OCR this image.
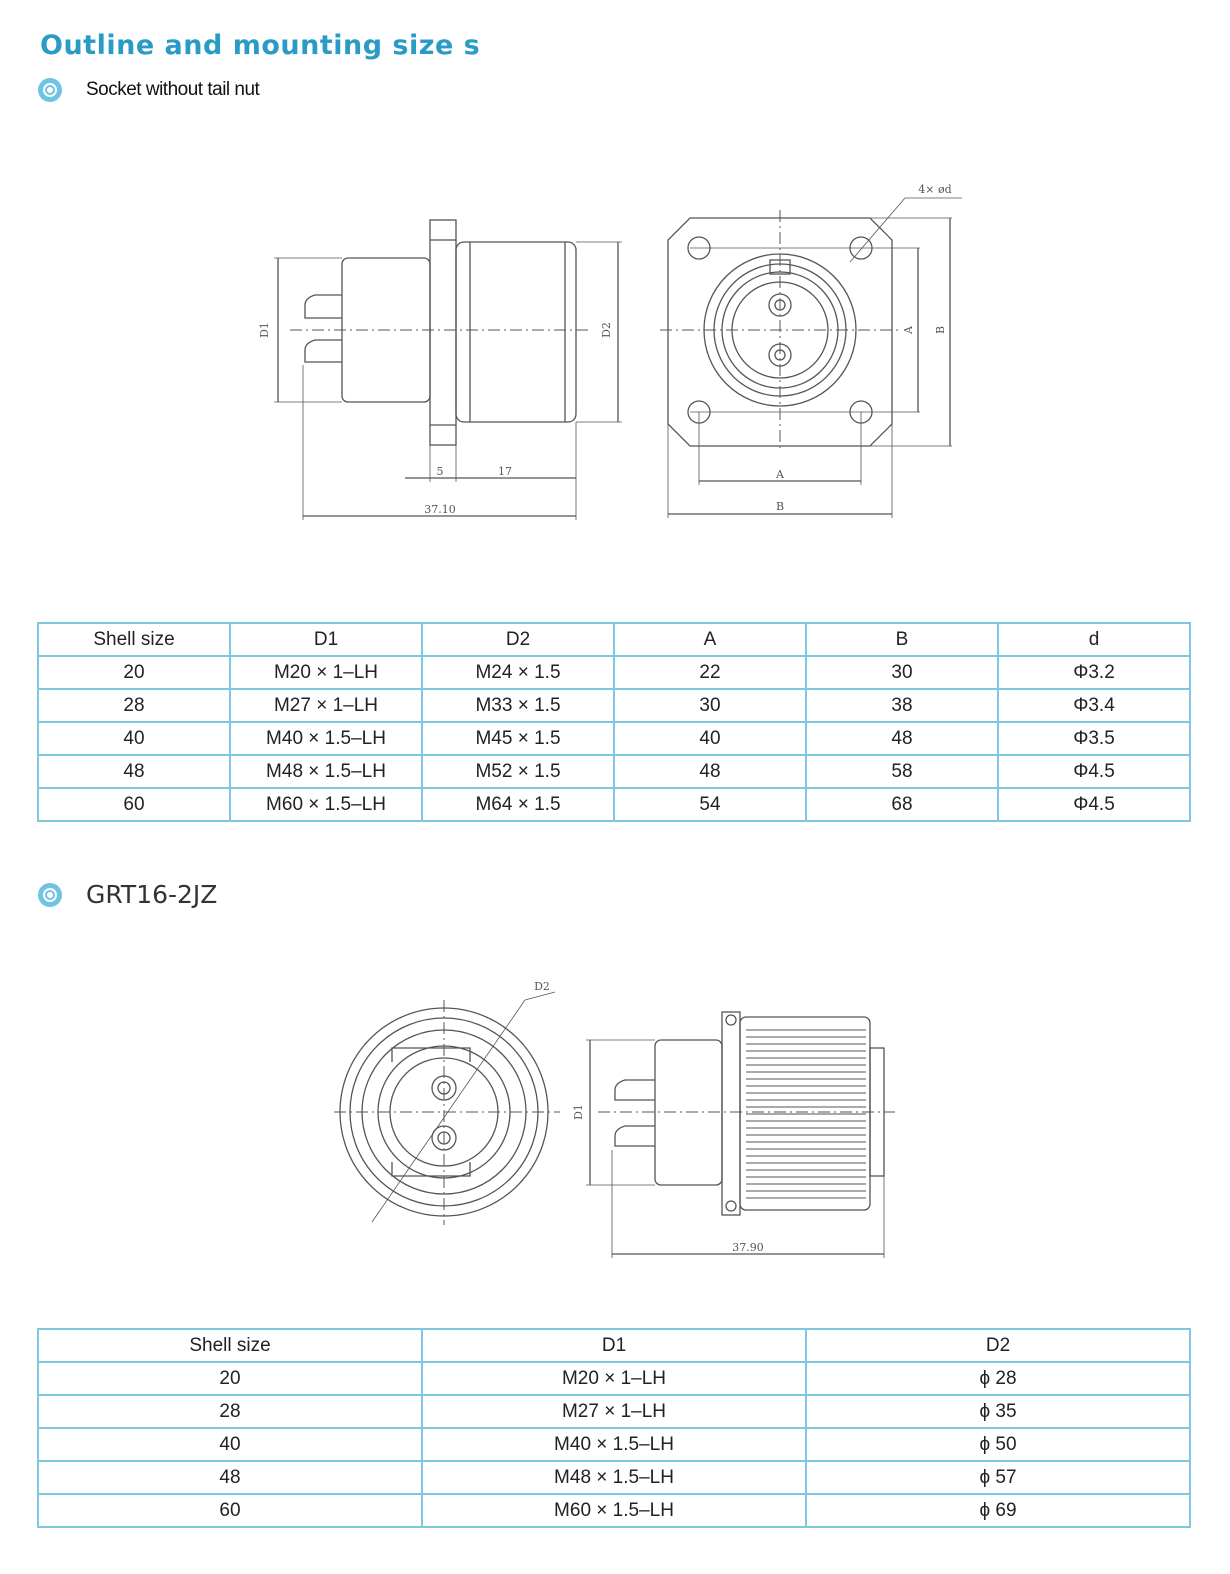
Outline and mounting size s
Socket without tail nut
D1	D2
5	17
37.10
4× ød
A
B
A B
D2
D1
37.90
Shell size	D1	D2	A	B	d
20	M20 × 1–LH	M24 × 1.5	22	30	Φ3.2
28	M27 × 1–LH	M33 × 1.5	30	38	Φ3.4
40	M40 × 1.5–LH	M45 × 1.5	40	48	Φ3.5
48	M48 × 1.5–LH	M52 × 1.5	48	58	Φ4.5
60	M60 × 1.5–LH	M64 × 1.5	54	68	Φ4.5
GRT16-2JZ
Shell size	D1	D2
20	M20 × 1–LH	ϕ 28
28	M27 × 1–LH	ϕ 35
40	M40 × 1.5–LH	ϕ 50
48	M48 × 1.5–LH	ϕ 57
60	M60 × 1.5–LH	ϕ 69
